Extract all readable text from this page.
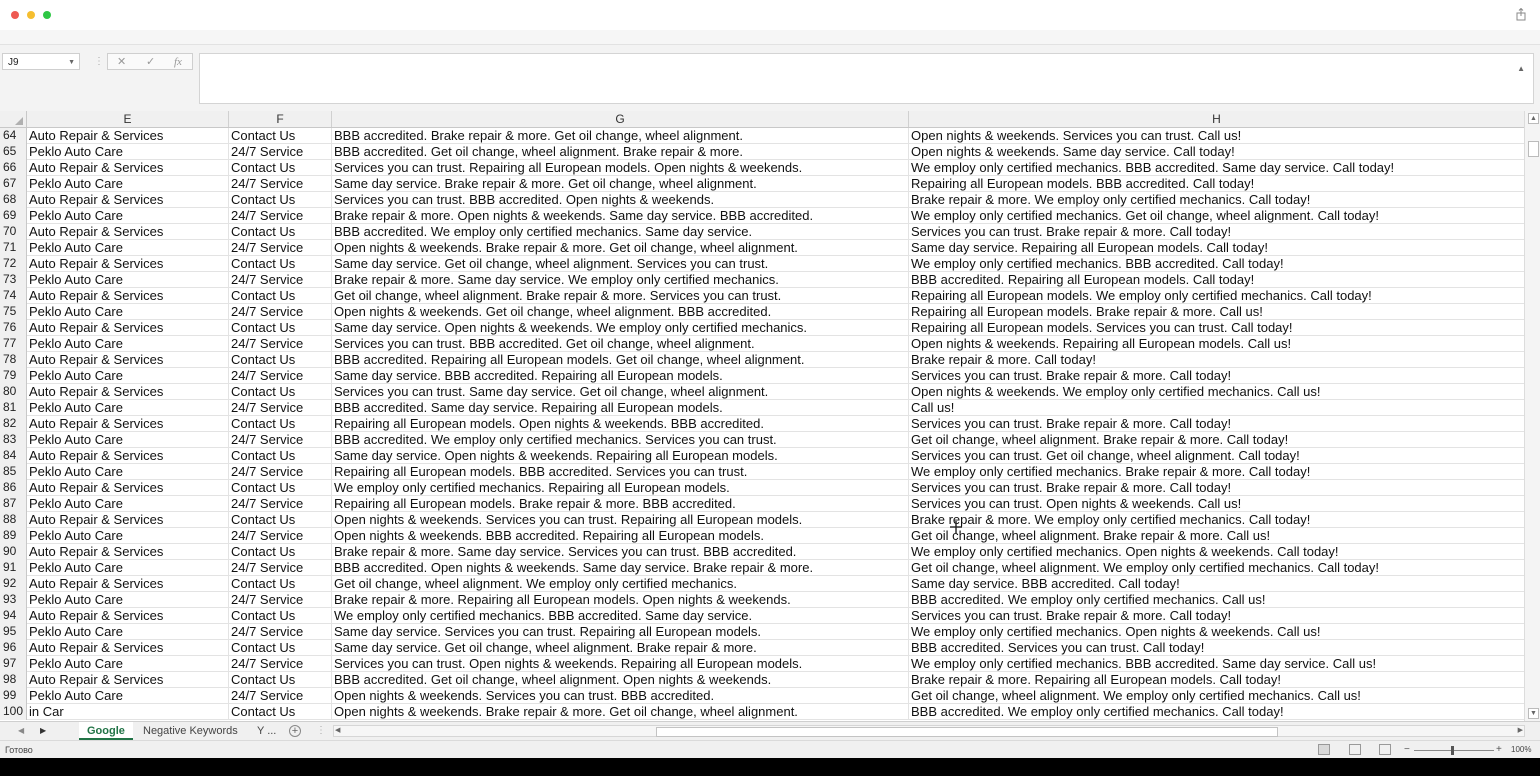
J9	▼ ⋮ ✕ ✓ fx
▲
E	F	G	H
64 Auto Repair & Services	Contact Us	BBB accredited. Brake repair & more. Get oil change, wheel alignment.	Open nights & weekends. Services you can trust. Call us!
65 Peklo Auto Care	24/7 Service	BBB accredited. Get oil change, wheel alignment. Brake repair & more.	Open nights & weekends. Same day service. Call today!
66 Auto Repair & Services	Contact Us	Services you can trust. Repairing all European models. Open nights & weekends.	We employ only certified mechanics. BBB accredited. Same day service. Call today!
67 Peklo Auto Care	24/7 Service	Same day service. Brake repair & more. Get oil change, wheel alignment.	Repairing all European models. BBB accredited. Call today!
68 Auto Repair & Services	Contact Us	Services you can trust. BBB accredited. Open nights & weekends.	Brake repair & more. We employ only certified mechanics. Call today!
69 Peklo Auto Care	24/7 Service	Brake repair & more. Open nights & weekends. Same day service. BBB accredited.	We employ only certified mechanics. Get oil change, wheel alignment. Call today!
70 Auto Repair & Services	Contact Us	BBB accredited. We employ only certified mechanics. Same day service.	Services you can trust. Brake repair & more. Call today!
71 Peklo Auto Care	24/7 Service	Open nights & weekends. Brake repair & more. Get oil change, wheel alignment.	Same day service. Repairing all European models. Call today!
72 Auto Repair & Services	Contact Us	Same day service. Get oil change, wheel alignment. Services you can trust.	We employ only certified mechanics. BBB accredited. Call today!
73 Peklo Auto Care	24/7 Service	Brake repair & more. Same day service. We employ only certified mechanics.	BBB accredited. Repairing all European models. Call today!
74 Auto Repair & Services	Contact Us	Get oil change, wheel alignment. Brake repair & more. Services you can trust.	Repairing all European models. We employ only certified mechanics. Call today!
75 Peklo Auto Care	24/7 Service	Open nights & weekends. Get oil change, wheel alignment. BBB accredited.	Repairing all European models. Brake repair & more. Call us!
76 Auto Repair & Services	Contact Us	Same day service. Open nights & weekends. We employ only certified mechanics.	Repairing all European models. Services you can trust. Call today!
77 Peklo Auto Care	24/7 Service	Services you can trust. BBB accredited. Get oil change, wheel alignment.	Open nights & weekends. Repairing all European models. Call us!
78 Auto Repair & Services	Contact Us	BBB accredited. Repairing all European models. Get oil change, wheel alignment.	Brake repair & more. Call today!
79 Peklo Auto Care	24/7 Service	Same day service. BBB accredited. Repairing all European models.	Services you can trust. Brake repair & more. Call today!
80 Auto Repair & Services	Contact Us	Services you can trust. Same day service. Get oil change, wheel alignment.	Open nights & weekends. We employ only certified mechanics. Call us!
81 Peklo Auto Care	24/7 Service	BBB accredited. Same day service. Repairing all European models.	Call us!
82 Auto Repair & Services	Contact Us	Repairing all European models. Open nights & weekends. BBB accredited.	Services you can trust. Brake repair & more. Call today!
83 Peklo Auto Care	24/7 Service	BBB accredited. We employ only certified mechanics. Services you can trust.	Get oil change, wheel alignment. Brake repair & more. Call today!
84 Auto Repair & Services	Contact Us	Same day service. Open nights & weekends. Repairing all European models.	Services you can trust. Get oil change, wheel alignment. Call today!
85 Peklo Auto Care	24/7 Service	Repairing all European models. BBB accredited. Services you can trust.	We employ only certified mechanics. Brake repair & more. Call today!
86 Auto Repair & Services	Contact Us	We employ only certified mechanics. Repairing all European models.	Services you can trust. Brake repair & more. Call today!
87 Peklo Auto Care	24/7 Service	Repairing all European models. Brake repair & more. BBB accredited.	Services you can trust. Open nights & weekends. Call us!
88 Auto Repair & Services	Contact Us	Open nights & weekends. Services you can trust. Repairing all European models.	Brake repair & more. We employ only certified mechanics. Call today!
89 Peklo Auto Care	24/7 Service	Open nights & weekends. BBB accredited. Repairing all European models.	Get oil change, wheel alignment. Brake repair & more. Call us!
90 Auto Repair & Services	Contact Us	Brake repair & more. Same day service. Services you can trust. BBB accredited.	We employ only certified mechanics. Open nights & weekends. Call today!
91 Peklo Auto Care	24/7 Service	BBB accredited. Open nights & weekends. Same day service. Brake repair & more.	Get oil change, wheel alignment. We employ only certified mechanics. Call today!
92 Auto Repair & Services	Contact Us	Get oil change, wheel alignment. We employ only certified mechanics.	Same day service. BBB accredited. Call today!
93 Peklo Auto Care	24/7 Service	Brake repair & more. Repairing all European models. Open nights & weekends.	BBB accredited. We employ only certified mechanics. Call us!
94 Auto Repair & Services	Contact Us	We employ only certified mechanics. BBB accredited. Same day service.	Services you can trust. Brake repair & more. Call today!
95 Peklo Auto Care	24/7 Service	Same day service. Services you can trust. Repairing all European models.	We employ only certified mechanics. Open nights & weekends. Call us!
96 Auto Repair & Services	Contact Us	Same day service. Get oil change, wheel alignment. Brake repair & more.	BBB accredited. Services you can trust. Call today!
97 Peklo Auto Care	24/7 Service	Services you can trust. Open nights & weekends. Repairing all European models.	We employ only certified mechanics. BBB accredited. Same day service. Call us!
98 Auto Repair & Services	Contact Us	BBB accredited. Get oil change, wheel alignment. Open nights & weekends.	Brake repair & more. Repairing all European models. Call today!
99 Peklo Auto Care	24/7 Service	Open nights & weekends. Services you can trust. BBB accredited.	Get oil change, wheel alignment. We employ only certified mechanics. Call us!
100 in Car	Contact Us	Open nights & weekends. Brake repair & more. Get oil change, wheel alignment.	BBB accredited. We employ only certified mechanics. Call today!
▲
▼
◀ ▶	Google	Negative Keywords	Y ...	+ ⋮ ◀	▶
Готово	−	+ 100%
